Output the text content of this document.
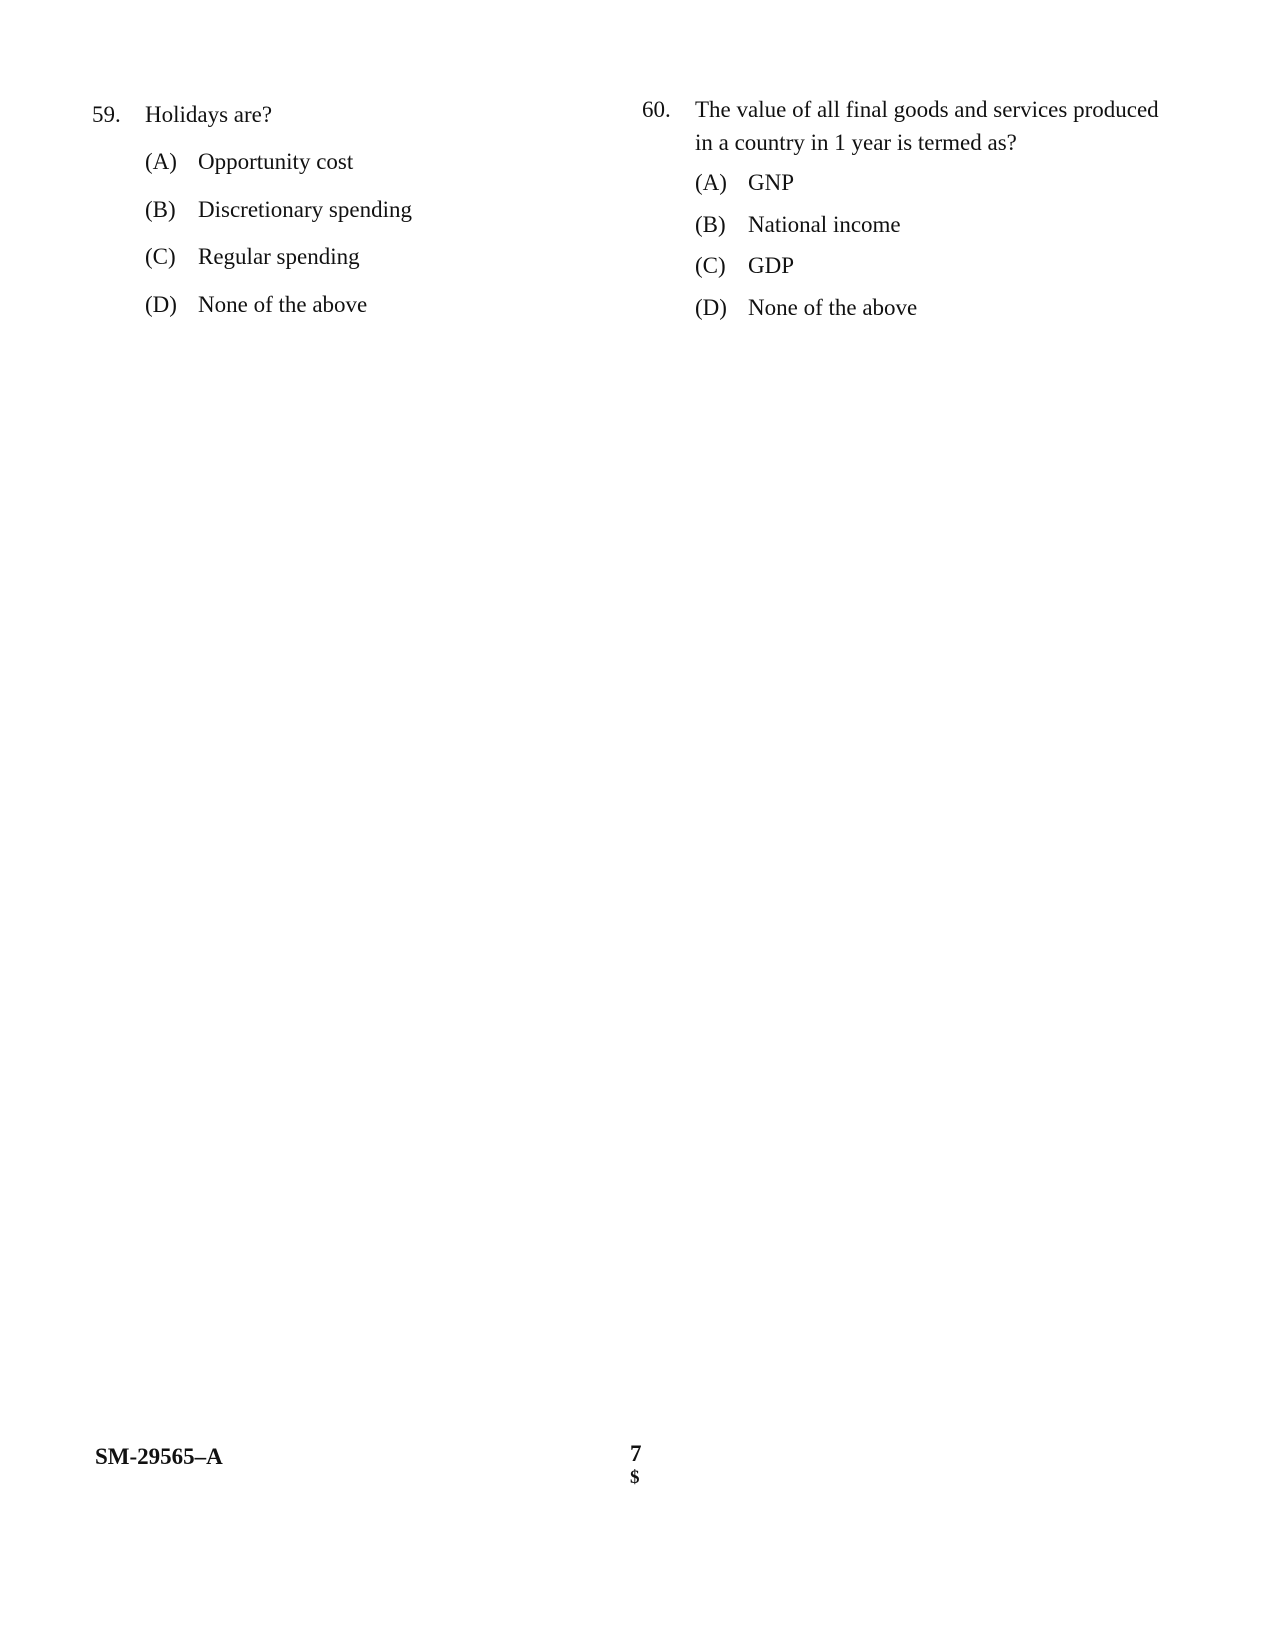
59.	Holidays are?
(A) Opportunity cost
(B) Discretionary spending
(C) Regular spending
(D) None of the above
60.	The value of all final goods and services produced
in a country in 1 year is termed as?
(A) GNP
(B) National income
(C) GDP
(D) None of the above
SM-29565–A	7
$
